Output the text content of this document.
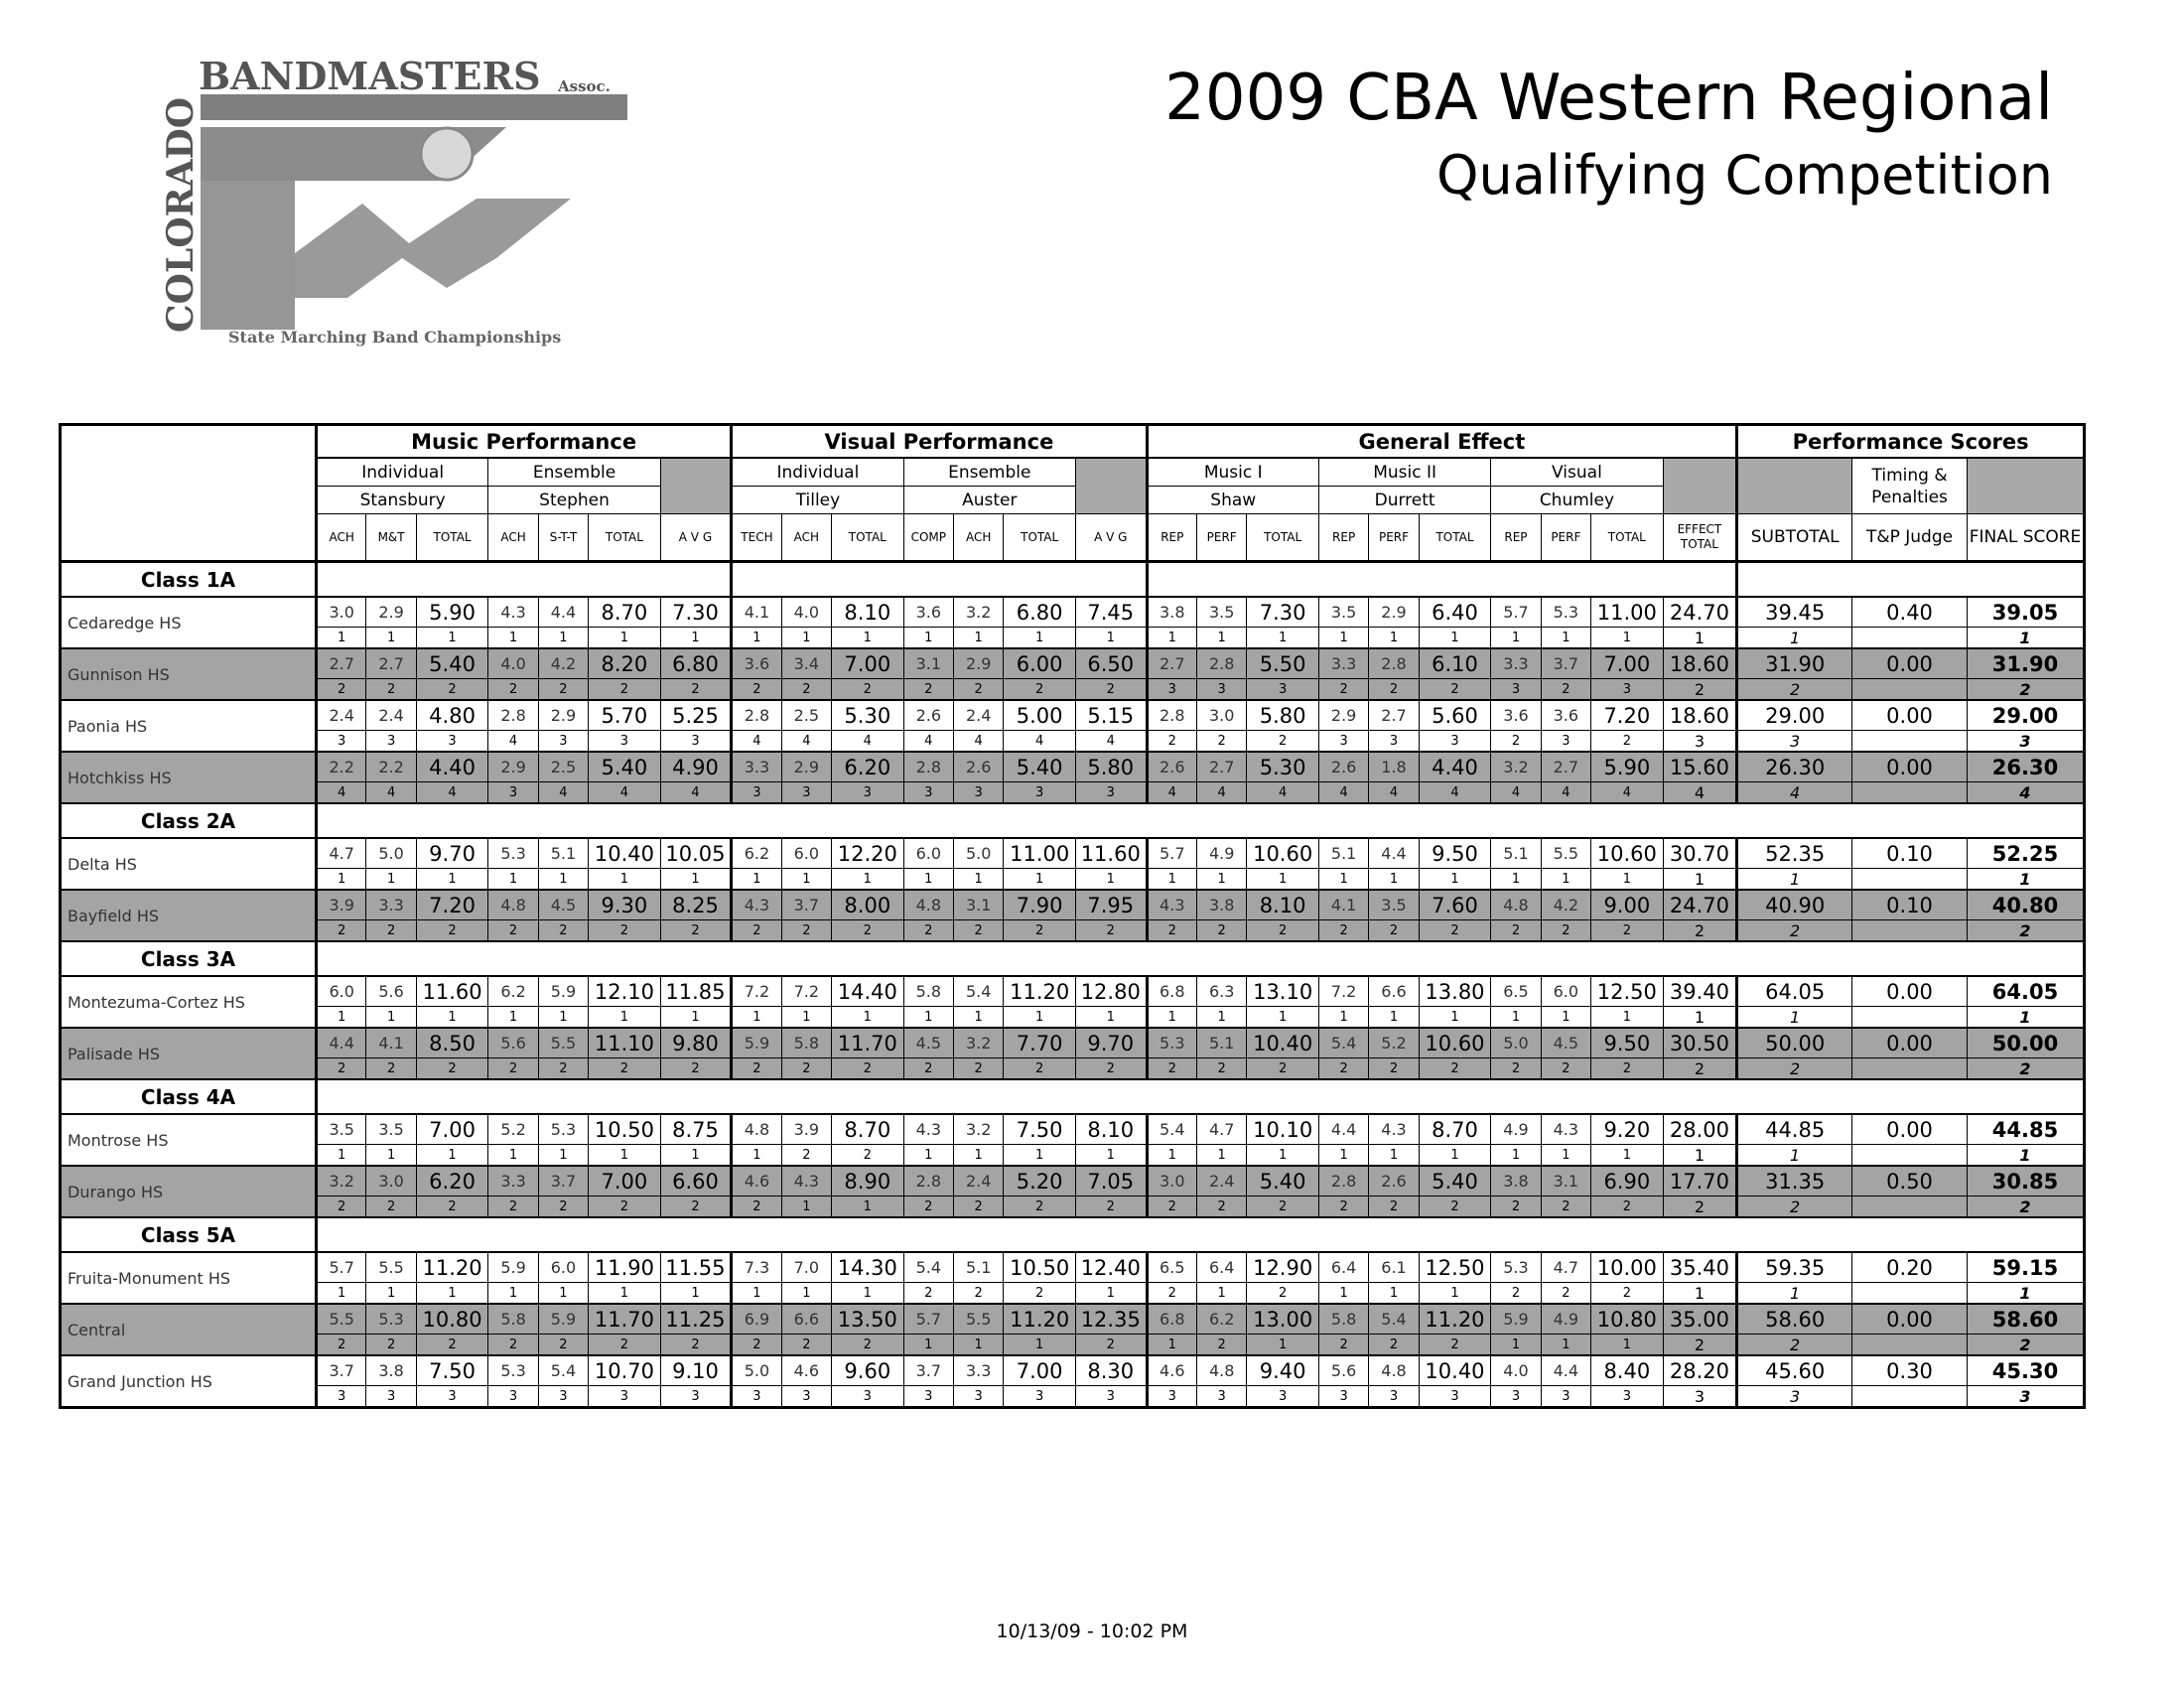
BANDMASTERS Assoc.
COLORADO
State Marching Band Championships
2009 CBA Western Regional
Qualifying Competition
	Music Performance							Visual Performance							General Effect										Performance Scores		
	Individual			Ensemble				Individual			Ensemble				Music I			Music II			Visual					Timing & Penalties	
	Stansbury			Stephen				Tilley			Auster				Shaw			Durrett			Chumley						
	ACH	M&T	TOTAL	ACH	S-T-T	TOTAL	A V G	TECH	ACH	TOTAL	COMP	ACH	TOTAL	A V G	REP	PERF	TOTAL	REP	PERF	TOTAL	REP	PERF	TOTAL	EFFECT TOTAL	SUBTOTAL	T&P Judge	FINAL SCORE
Class 1A																											
Cedaredge HS	3.0	2.9	5.90	4.3	4.4	8.70	7.30	4.1	4.0	8.10	3.6	3.2	6.80	7.45	3.8	3.5	7.30	3.5	2.9	6.40	5.7	5.3	11.00	24.70	39.45	0.40	39.05
	1	1	1	1	1	1	1	1	1	1	1	1	1	1	1	1	1	1	1	1	1	1	1	1	1		1
Gunnison HS	2.7	2.7	5.40	4.0	4.2	8.20	6.80	3.6	3.4	7.00	3.1	2.9	6.00	6.50	2.7	2.8	5.50	3.3	2.8	6.10	3.3	3.7	7.00	18.60	31.90	0.00	31.90
	2	2	2	2	2	2	2	2	2	2	2	2	2	2	3	3	3	2	2	2	3	2	3	2	2		2
Paonia HS	2.4	2.4	4.80	2.8	2.9	5.70	5.25	2.8	2.5	5.30	2.6	2.4	5.00	5.15	2.8	3.0	5.80	2.9	2.7	5.60	3.6	3.6	7.20	18.60	29.00	0.00	29.00
	3	3	3	4	3	3	3	4	4	4	4	4	4	4	2	2	2	3	3	3	2	3	2	3	3		3
Hotchkiss HS	2.2	2.2	4.40	2.9	2.5	5.40	4.90	3.3	2.9	6.20	2.8	2.6	5.40	5.80	2.6	2.7	5.30	2.6	1.8	4.40	3.2	2.7	5.90	15.60	26.30	0.00	26.30
	4	4	4	3	4	4	4	3	3	3	3	3	3	3	4	4	4	4	4	4	4	4	4	4	4		4
Class 2A																											
Delta HS	4.7	5.0	9.70	5.3	5.1	10.40	10.05	6.2	6.0	12.20	6.0	5.0	11.00	11.60	5.7	4.9	10.60	5.1	4.4	9.50	5.1	5.5	10.60	30.70	52.35	0.10	52.25
	1	1	1	1	1	1	1	1	1	1	1	1	1	1	1	1	1	1	1	1	1	1	1	1	1		1
Bayfield HS	3.9	3.3	7.20	4.8	4.5	9.30	8.25	4.3	3.7	8.00	4.8	3.1	7.90	7.95	4.3	3.8	8.10	4.1	3.5	7.60	4.8	4.2	9.00	24.70	40.90	0.10	40.80
	2	2	2	2	2	2	2	2	2	2	2	2	2	2	2	2	2	2	2	2	2	2	2	2	2		2
Class 3A																											
Montezuma-Cortez HS	6.0	5.6	11.60	6.2	5.9	12.10	11.85	7.2	7.2	14.40	5.8	5.4	11.20	12.80	6.8	6.3	13.10	7.2	6.6	13.80	6.5	6.0	12.50	39.40	64.05	0.00	64.05
	1	1	1	1	1	1	1	1	1	1	1	1	1	1	1	1	1	1	1	1	1	1	1	1	1		1
Palisade HS	4.4	4.1	8.50	5.6	5.5	11.10	9.80	5.9	5.8	11.70	4.5	3.2	7.70	9.70	5.3	5.1	10.40	5.4	5.2	10.60	5.0	4.5	9.50	30.50	50.00	0.00	50.00
	2	2	2	2	2	2	2	2	2	2	2	2	2	2	2	2	2	2	2	2	2	2	2	2	2		2
Class 4A																											
Montrose HS	3.5	3.5	7.00	5.2	5.3	10.50	8.75	4.8	3.9	8.70	4.3	3.2	7.50	8.10	5.4	4.7	10.10	4.4	4.3	8.70	4.9	4.3	9.20	28.00	44.85	0.00	44.85
	1	1	1	1	1	1	1	1	2	2	1	1	1	1	1	1	1	1	1	1	1	1	1	1	1		1
Durango HS	3.2	3.0	6.20	3.3	3.7	7.00	6.60	4.6	4.3	8.90	2.8	2.4	5.20	7.05	3.0	2.4	5.40	2.8	2.6	5.40	3.8	3.1	6.90	17.70	31.35	0.50	30.85
	2	2	2	2	2	2	2	2	1	1	2	2	2	2	2	2	2	2	2	2	2	2	2	2	2		2
Class 5A																											
Fruita-Monument HS	5.7	5.5	11.20	5.9	6.0	11.90	11.55	7.3	7.0	14.30	5.4	5.1	10.50	12.40	6.5	6.4	12.90	6.4	6.1	12.50	5.3	4.7	10.00	35.40	59.35	0.20	59.15
	1	1	1	1	1	1	1	1	1	1	2	2	2	1	2	1	2	1	1	1	2	2	2	1	1		1
Central	5.5	5.3	10.80	5.8	5.9	11.70	11.25	6.9	6.6	13.50	5.7	5.5	11.20	12.35	6.8	6.2	13.00	5.8	5.4	11.20	5.9	4.9	10.80	35.00	58.60	0.00	58.60
	2	2	2	2	2	2	2	2	2	2	1	1	1	2	1	2	1	2	2	2	1	1	1	2	2		2
Grand Junction HS	3.7	3.8	7.50	5.3	5.4	10.70	9.10	5.0	4.6	9.60	3.7	3.3	7.00	8.30	4.6	4.8	9.40	5.6	4.8	10.40	4.0	4.4	8.40	28.20	45.60	0.30	45.30
	3	3	3	3	3	3	3	3	3	3	3	3	3	3	3	3	3	3	3	3	3	3	3	3	3		3
10/13/09 - 10:02 PM
